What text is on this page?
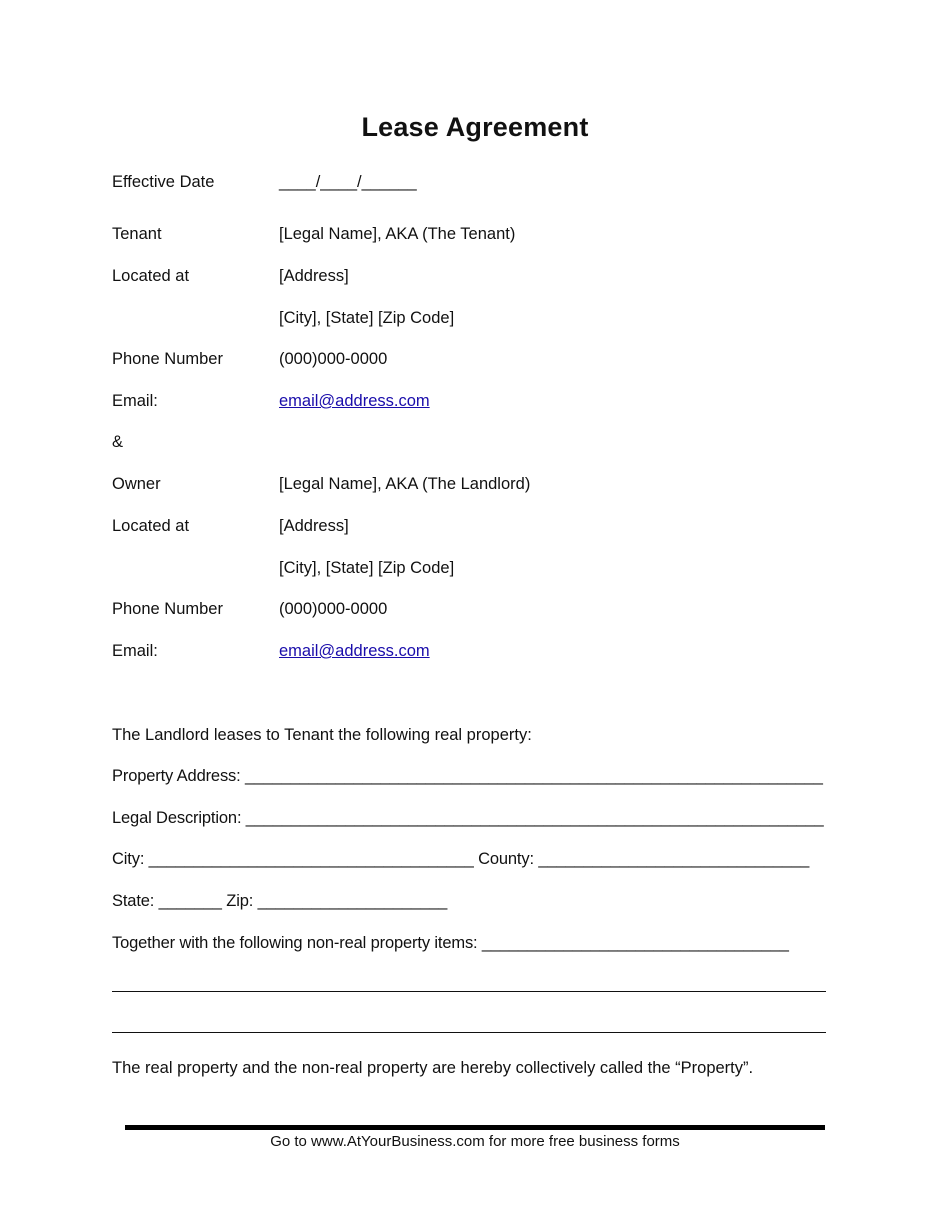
Lease Agreement
Effective Date	____/____/______
Tenant	[Legal Name], AKA (The Tenant)
Located at	[Address]
[City], [State] [Zip Code]
Phone Number	(000)000-0000
Email:	email@address.com
&
Owner	[Legal Name], AKA (The Landlord)
Located at	[Address]
[City], [State] [Zip Code]
Phone Number	(000)000-0000
Email:	email@address.com
The Landlord leases to Tenant the following real property:
Property Address: ________________________________________________________________
Legal Description: ________________________________________________________________
City: ____________________________________ County: ______________________________
State: _______ Zip: _____________________
Together with the following non-real property items: __________________________________
The real property and the non-real property are hereby collectively called the “Property”.
Go to www.AtYourBusiness.com for more free business forms
